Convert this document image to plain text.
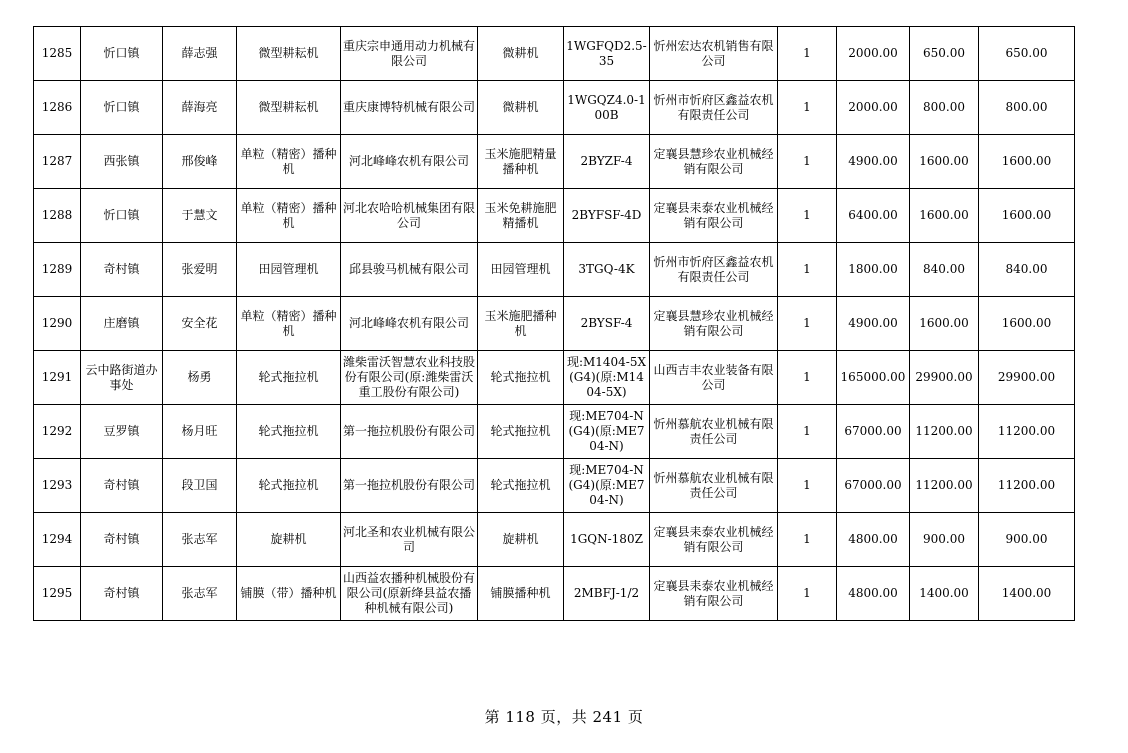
1285	忻口镇	薛志强	微型耕耘机	重庆宗申通用动力机械有限公司	微耕机	1WGFQD2.5-35	忻州宏达农机销售有限公司	1	2000.00	650.00	650.00

1286	忻口镇	薛海亮	微型耕耘机	重庆康博特机械有限公司	微耕机	1WGQZ4.0-100B	忻州市忻府区鑫益农机有限责任公司	1	2000.00	800.00	800.00

1287	西张镇	邢俊峰	单粒（精密）播种机	河北峰峰农机有限公司	玉米施肥精量播种机	2BYZF-4	定襄县慧珍农业机械经销有限公司	1	4900.00	1600.00	1600.00

1288	忻口镇	于慧文	单粒（精密）播种机	河北农哈哈机械集团有限公司	玉米免耕施肥精播机	2BYFSF-4D	定襄县耒泰农业机械经销有限公司	1	6400.00	1600.00	1600.00

1289	奇村镇	张爱明	田园管理机	邱县骏马机械有限公司	田园管理机	3TGQ-4K	忻州市忻府区鑫益农机有限责任公司	1	1800.00	840.00	840.00

1290	庄磨镇	安全花	单粒（精密）播种机	河北峰峰农机有限公司	玉米施肥播种机	2BYSF-4	定襄县慧珍农业机械经销有限公司	1	4900.00	1600.00	1600.00

1291	云中路街道办事处	杨勇	轮式拖拉机	潍柴雷沃智慧农业科技股份有限公司(原:潍柴雷沃重工股份有限公司)	轮式拖拉机	现:M1404-5X(G4)(原:M1404-5X)	山西吉丰农业装备有限公司	1	165000.00	29900.00	29900.00

1292	豆罗镇	杨月旺	轮式拖拉机	第一拖拉机股份有限公司	轮式拖拉机	现:ME704-N(G4)(原:ME704-N)	忻州慕航农业机械有限责任公司	1	67000.00	11200.00	11200.00

1293	奇村镇	段卫国	轮式拖拉机	第一拖拉机股份有限公司	轮式拖拉机	现:ME704-N(G4)(原:ME704-N)	忻州慕航农业机械有限责任公司	1	67000.00	11200.00	11200.00

1294	奇村镇	张志军	旋耕机	河北圣和农业机械有限公司	旋耕机	1GQN-180Z	定襄县耒泰农业机械经销有限公司	1	4800.00	900.00	900.00

1295	奇村镇	张志军	铺膜（带）播种机	山西益农播种机械股份有限公司(原新绛县益农播种机械有限公司)	铺膜播种机	2MBFJ-1/2	定襄县耒泰农业机械经销有限公司	1	4800.00	1400.00	1400.00
第 118 页，共 241 页
